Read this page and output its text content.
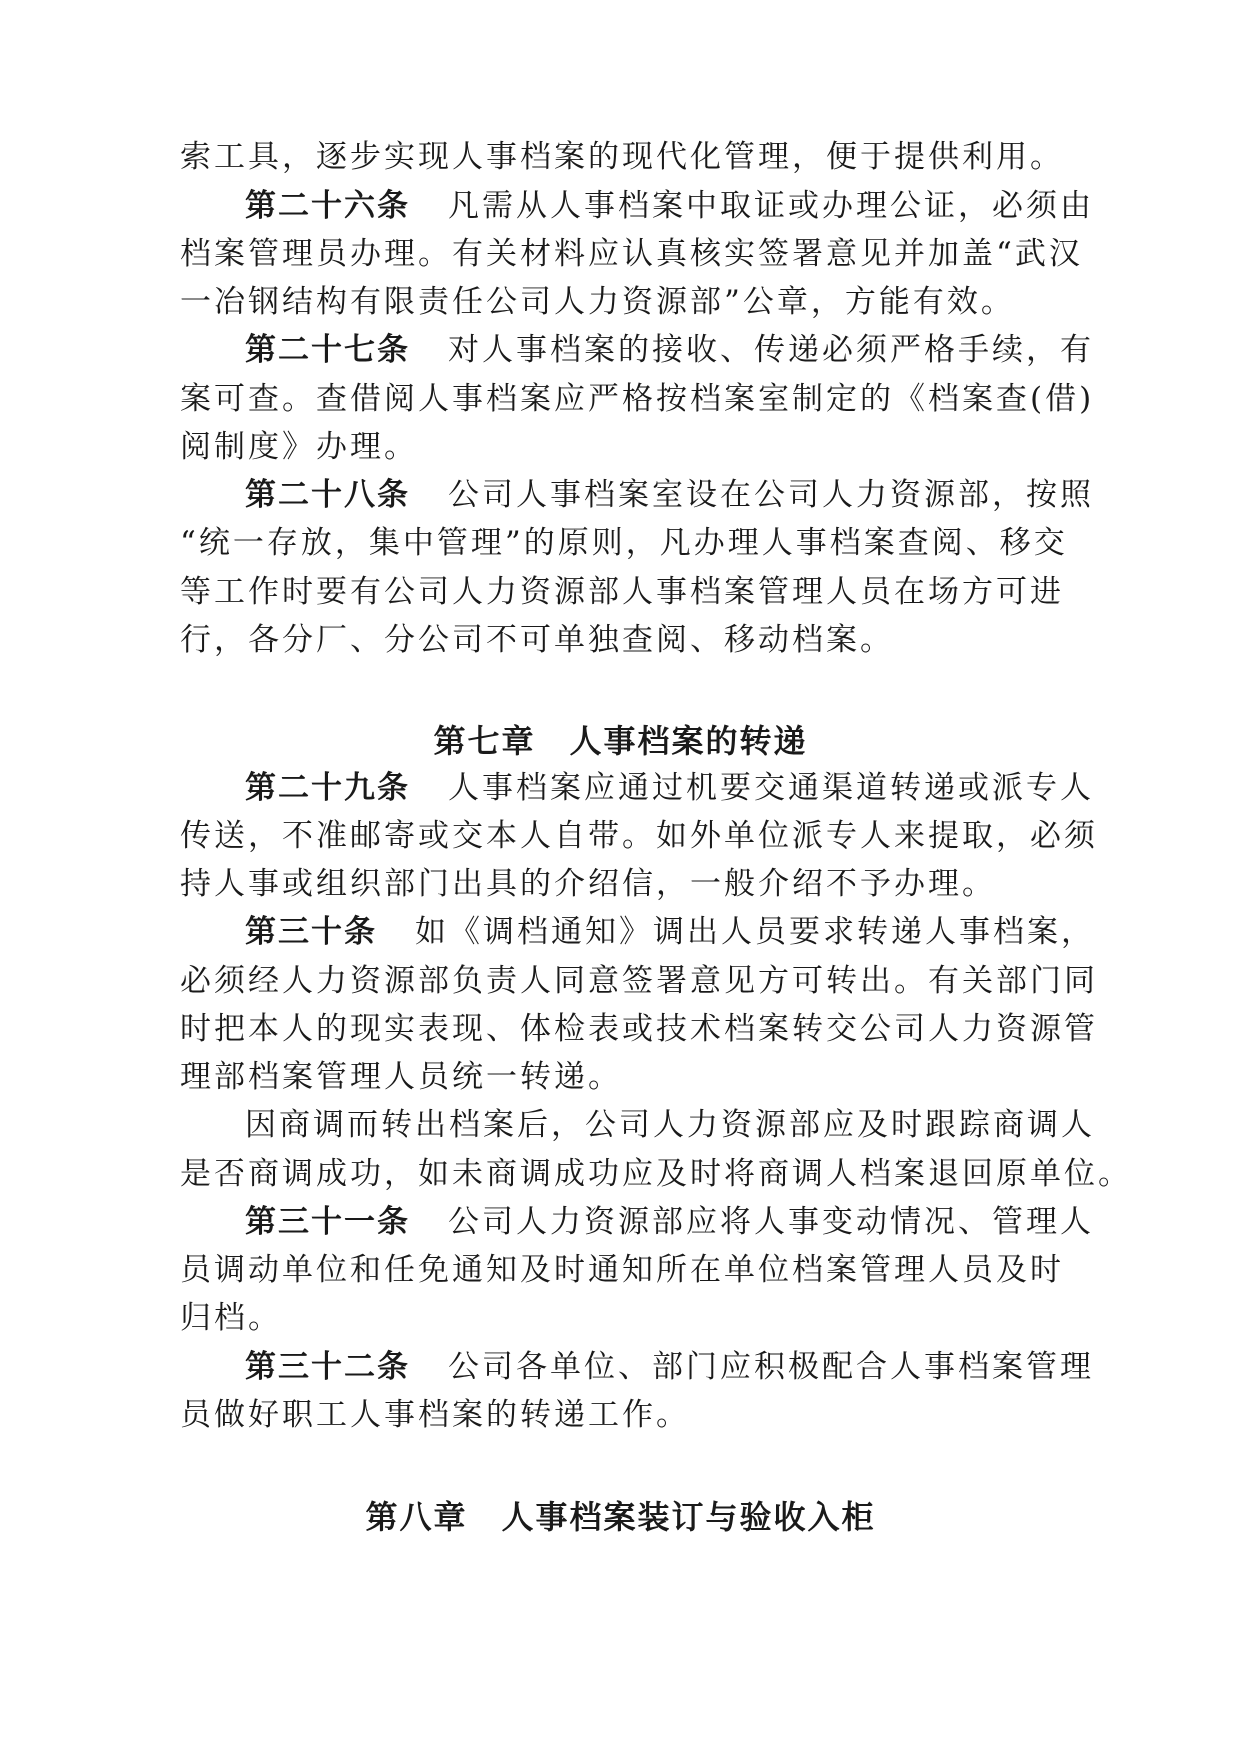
索工具，逐步实现人事档案的现代化管理，便于提供利用。
第二十六条 凡需从人事档案中取证或办理公证，必须由
档案管理员办理。有关材料应认真核实签署意见并加盖“武汉
一冶钢结构有限责任公司人力资源部”公章，方能有效。
第二十七条 对人事档案的接收、传递必须严格手续，有
案可查。查借阅人事档案应严格按档案室制定的《档案查(借)
阅制度》办理。
第二十八条 公司人事档案室设在公司人力资源部，按照
“统一存放，集中管理”的原则，凡办理人事档案查阅、移交
等工作时要有公司人力资源部人事档案管理人员在场方可进
行，各分厂、分公司不可单独查阅、移动档案。
第七章 人事档案的转递
第二十九条 人事档案应通过机要交通渠道转递或派专人
传送，不准邮寄或交本人自带。如外单位派专人来提取，必须
持人事或组织部门出具的介绍信，一般介绍不予办理。
第三十条 如《调档通知》调出人员要求转递人事档案，
必须经人力资源部负责人同意签署意见方可转出。有关部门同
时把本人的现实表现、体检表或技术档案转交公司人力资源管
理部档案管理人员统一转递。
因商调而转出档案后，公司人力资源部应及时跟踪商调人
是否商调成功，如未商调成功应及时将商调人档案退回原单位。
第三十一条 公司人力资源部应将人事变动情况、管理人
员调动单位和任免通知及时通知所在单位档案管理人员及时
归档。
第三十二条 公司各单位、部门应积极配合人事档案管理
员做好职工人事档案的转递工作。
第八章 人事档案装订与验收入柜
